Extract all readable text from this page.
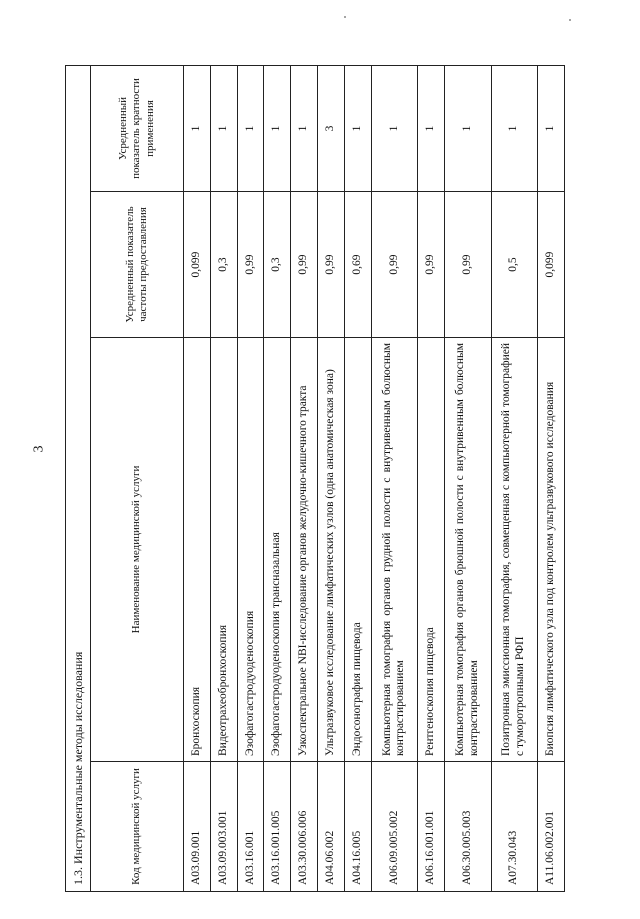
3
1.3. Инструментальные методы исследования			
Код медицинской услуги	Наименование медицинской услуги	Усредненный показатель частоты предоставления	Усредненный показатель кратности применения
A03.09.001	Бронхоскопия	0,099	1
A03.09.003.001	Видеотрахеобронхоскопия	0,3	1
A03.16.001	Эзофагогастродуоденоскопия	0,99	1
A03.16.001.005	Эзофагогастродуоденоскопия трансназальная	0,3	1
A03.30.006.006	Узкоспектральное NBI-исследование органов желудочно-кишечного тракта	0,99	1
A04.06.002	Ультразвуковое исследование лимфатических узлов (одна анатомическая зона)	0,99	3
A04.16.005	Эндосонография пищевода	0,69	1
A06.09.005.002	Компьютерная томография органов грудной полости с внутривенным болюсным контрастированием	0,99	1
A06.16.001.001	Рентгеноскопия пищевода	0,99	1
A06.30.005.003	Компьютерная томография органов брюшной полости с внутривенным болюсным контрастированием	0,99	1
A07.30.043	Позитронная эмиссионная томография, совмещенная с компьютерной томографией с туморотропными РФП	0,5	1
A11.06.002.001	Биопсия лимфатического узла под контролем ультразвукового исследования	0,099	1
